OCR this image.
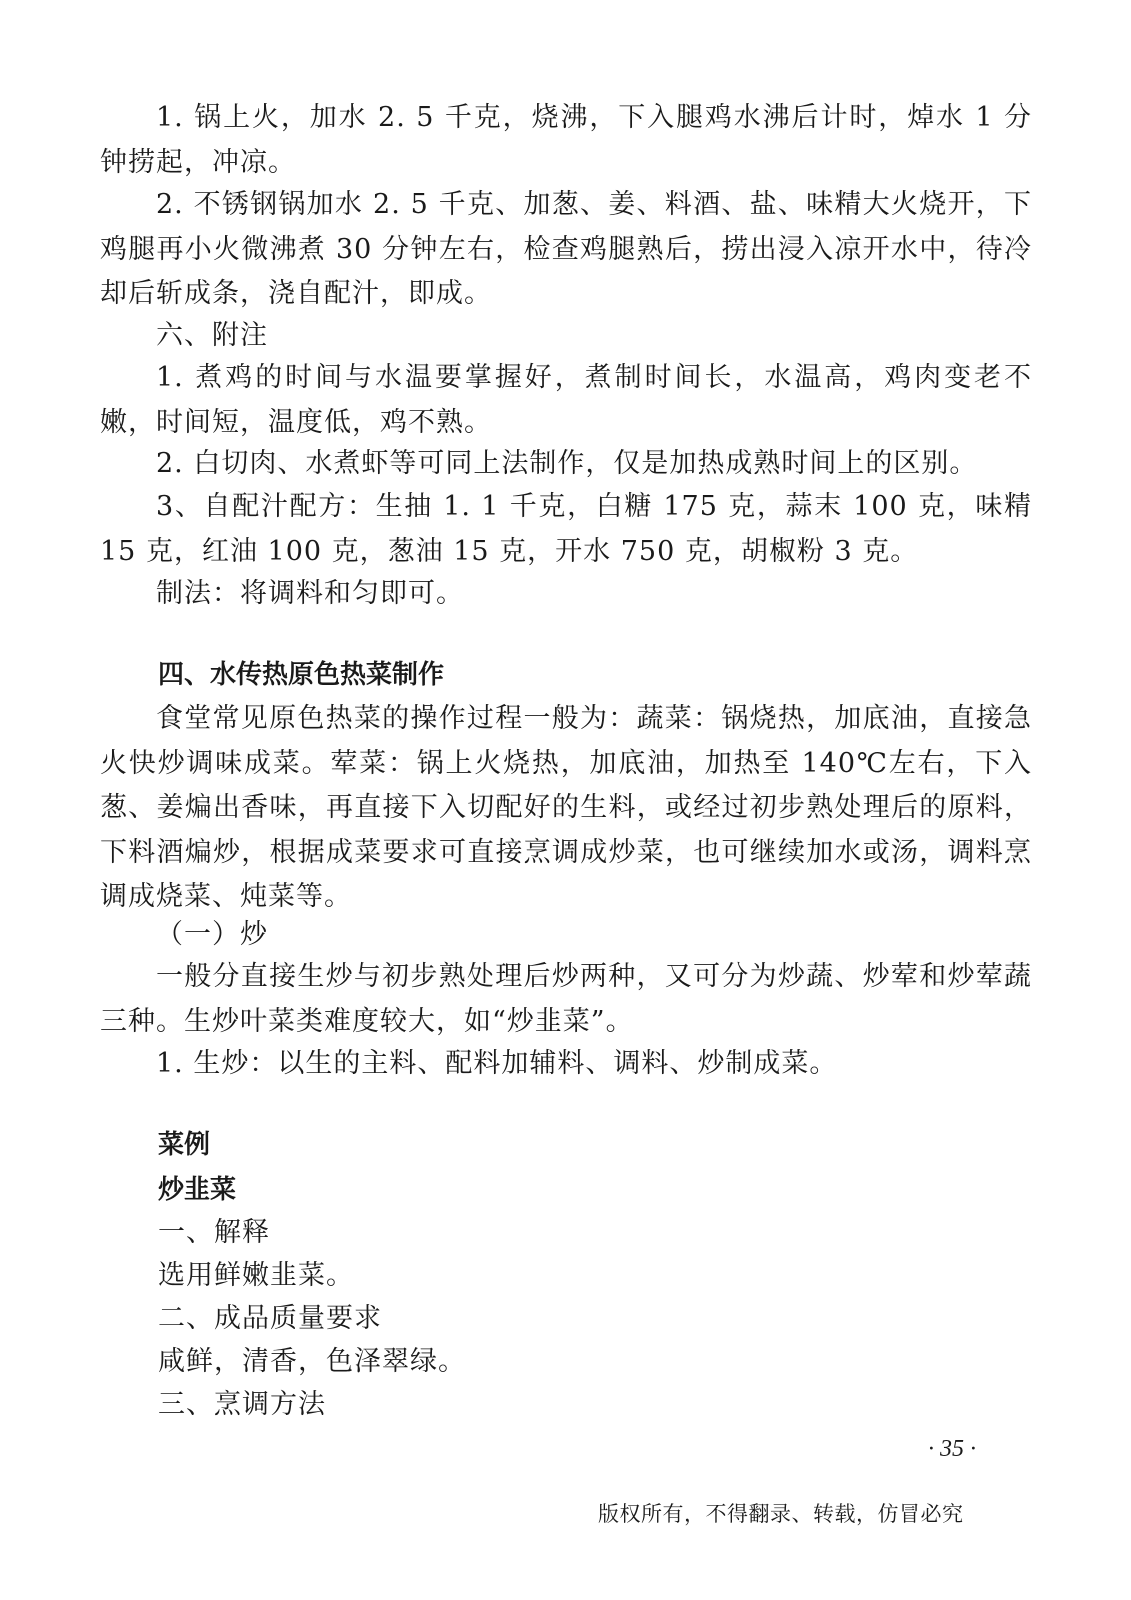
1. 锅上火，加水 2. 5 千克，烧沸，下入腿鸡水沸后计时，焯水 1 分钟捞起，冲凉。

2. 不锈钢锅加水 2. 5 千克、加葱、姜、料酒、盐、味精大火烧开，下鸡腿再小火微沸煮 30 分钟左右，检查鸡腿熟后，捞出浸入凉开水中，待冷却后斩成条，浇自配汁，即成。

六、附注

1. 煮鸡的时间与水温要掌握好，煮制时间长，水温高，鸡肉变老不嫩，时间短，温度低，鸡不熟。

2. 白切肉、水煮虾等可同上法制作，仅是加热成熟时间上的区别。

3、自配汁配方：生抽 1. 1 千克，白糖 175 克，蒜末 100 克，味精 15 克，红油 100 克，葱油 15 克，开水 750 克，胡椒粉 3 克。

制法：将调料和匀即可。

四、水传热原色热菜制作

食堂常见原色热菜的操作过程一般为：蔬菜：锅烧热，加底油，直接急火快炒调味成菜。荤菜：锅上火烧热，加底油，加热至 140℃左右，下入葱、姜煸出香味，再直接下入切配好的生料，或经过初步熟处理后的原料，下料酒煸炒，根据成菜要求可直接烹调成炒菜，也可继续加水或汤，调料烹调成烧菜、炖菜等。

（一）炒

一般分直接生炒与初步熟处理后炒两种，又可分为炒蔬、炒荤和炒荤蔬三种。生炒叶菜类难度较大，如“炒韭菜”。

1. 生炒：以生的主料、配料加辅料、调料、炒制成菜。

菜例

炒韭菜

一、解释

选用鲜嫩韭菜。

二、成品质量要求

咸鲜，清香，色泽翠绿。

三、烹调方法

· 35 ·
版权所有，不得翻录、转载，仿冒必究
